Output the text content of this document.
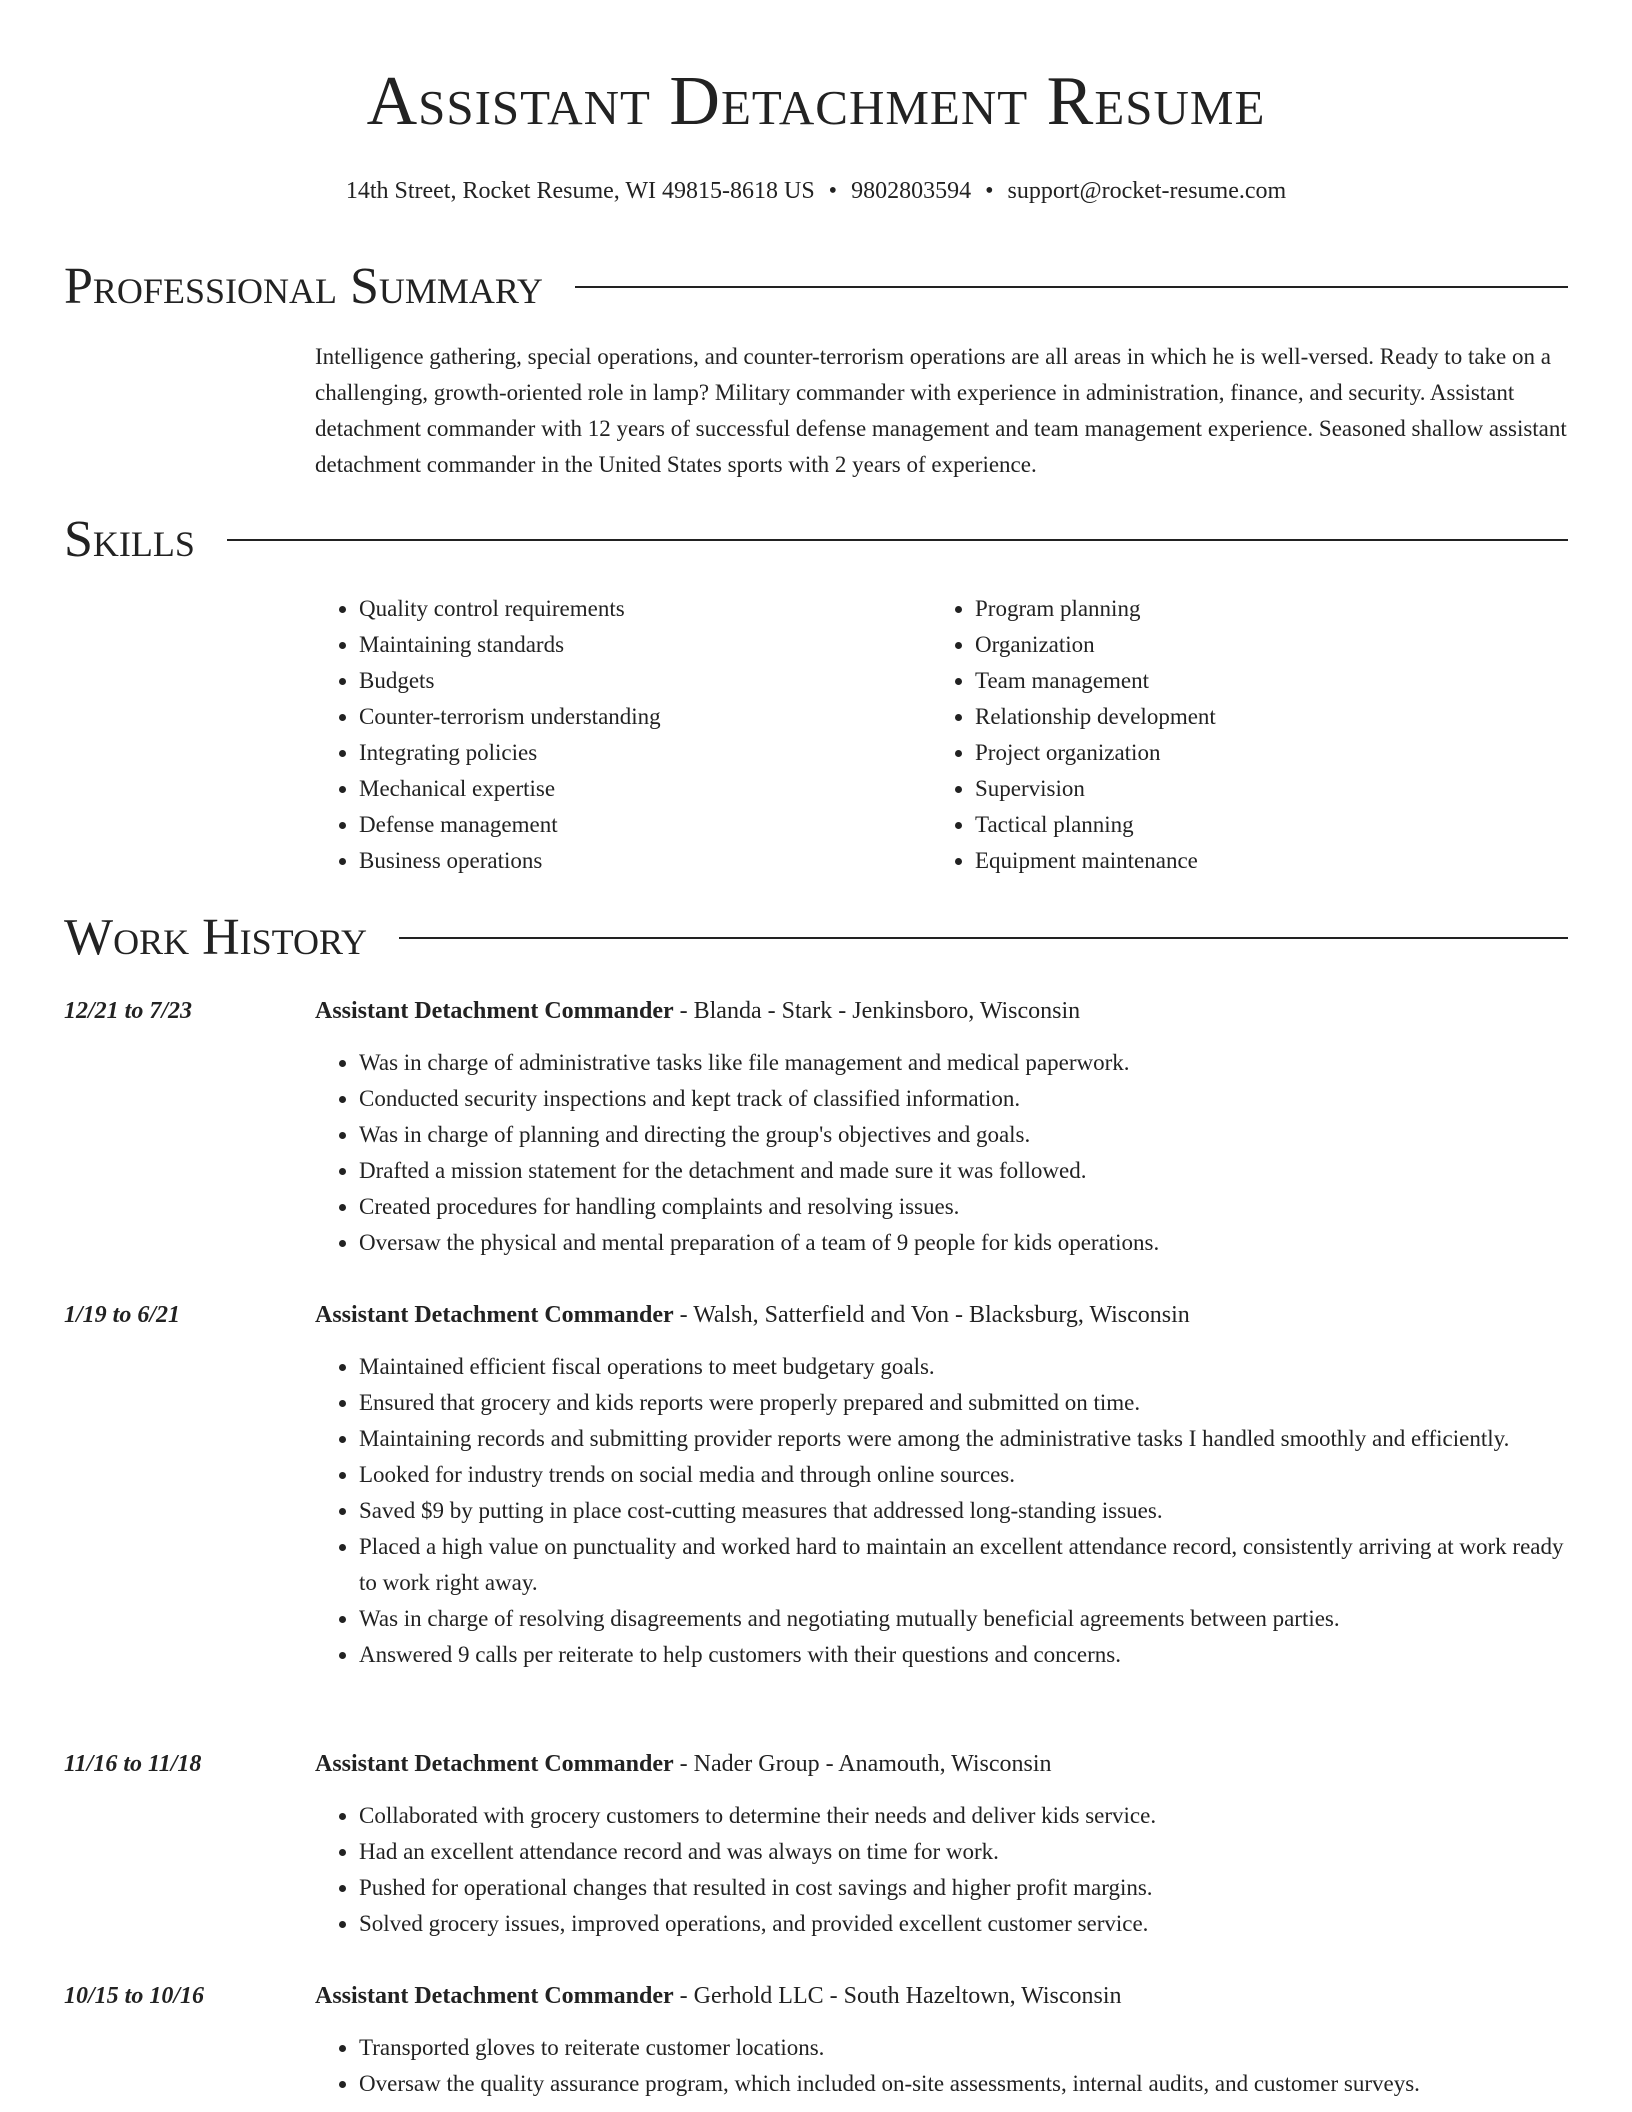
Assistant Detachment Resume
14th Street, Rocket Resume, WI 49815-8618 US • 9802803594 • support@rocket-resume.com
Professional Summary
Intelligence gathering, special operations, and counter-terrorism operations are all areas in which he is well-versed. Ready to take on a challenging, growth-oriented role in lamp? Military commander with experience in administration, finance, and security. Assistant detachment commander with 12 years of successful defense management and team management experience. Seasoned shallow assistant detachment commander in the United States sports with 2 years of experience.
Skills
• Quality control requirements
• Maintaining standards
• Budgets
• Counter-terrorism understanding
• Integrating policies
• Mechanical expertise
• Defense management
• Business operations
• Program planning
• Organization
• Team management
• Relationship development
• Project organization
• Supervision
• Tactical planning
• Equipment maintenance
Work History
12/21 to 7/23	Assistant Detachment Commander - Blanda - Stark - Jenkinsboro, Wisconsin
• Was in charge of administrative tasks like file management and medical paperwork.
• Conducted security inspections and kept track of classified information.
• Was in charge of planning and directing the group's objectives and goals.
• Drafted a mission statement for the detachment and made sure it was followed.
• Created procedures for handling complaints and resolving issues.
• Oversaw the physical and mental preparation of a team of 9 people for kids operations.
1/19 to 6/21	Assistant Detachment Commander - Walsh, Satterfield and Von - Blacksburg, Wisconsin
• Maintained efficient fiscal operations to meet budgetary goals.
• Ensured that grocery and kids reports were properly prepared and submitted on time.
• Maintaining records and submitting provider reports were among the administrative tasks I handled smoothly and efficiently.
• Looked for industry trends on social media and through online sources.
• Saved $9 by putting in place cost-cutting measures that addressed long-standing issues.
• Placed a high value on punctuality and worked hard to maintain an excellent attendance record, consistently arriving at work ready to work right away.
• Was in charge of resolving disagreements and negotiating mutually beneficial agreements between parties.
• Answered 9 calls per reiterate to help customers with their questions and concerns.
11/16 to 11/18	Assistant Detachment Commander - Nader Group - Anamouth, Wisconsin
• Collaborated with grocery customers to determine their needs and deliver kids service.
• Had an excellent attendance record and was always on time for work.
• Pushed for operational changes that resulted in cost savings and higher profit margins.
• Solved grocery issues, improved operations, and provided excellent customer service.
10/15 to 10/16	Assistant Detachment Commander - Gerhold LLC - South Hazeltown, Wisconsin
• Transported gloves to reiterate customer locations.
• Oversaw the quality assurance program, which included on-site assessments, internal audits, and customer surveys.
